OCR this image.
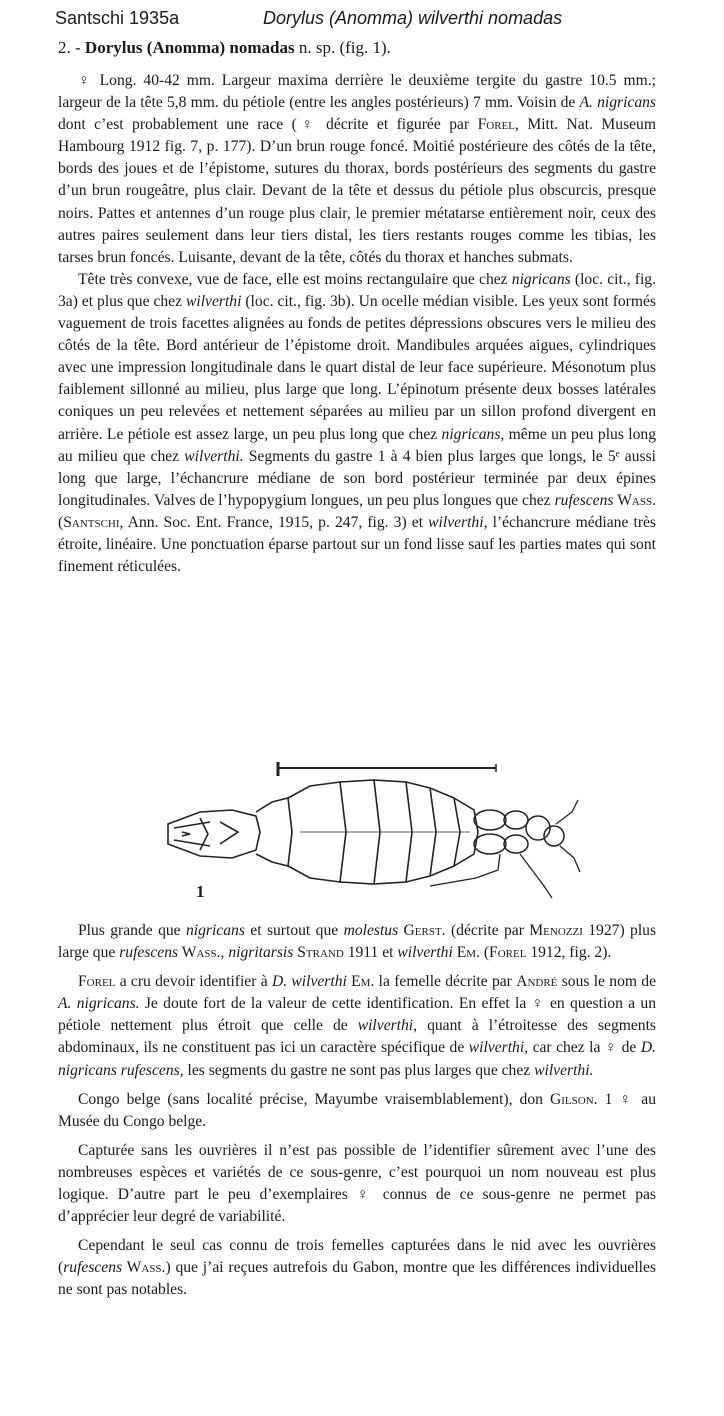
Santschi 1935a	Dorylus (Anomma) wilverthi nomadas
2. - Dorylus (Anomma) nomadas n. sp. (fig. 1).

♀ Long. 40-42 mm. Largeur maxima derrière le deuxième tergite du gastre 10.5 mm.; largeur de la tête 5,8 mm. du pétiole (entre les angles postérieurs) 7 mm. Voisin de A. nigricans dont c’est probablement une race (♀ décrite et figurée par Forel, Mitt. Nat. Museum Hambourg 1912 fig. 7, p. 177). D’un brun rouge foncé. Moitié postérieure des côtés de la tête, bords des joues et de l’épistome, sutures du thorax, bords postérieurs des segments du gastre d’un brun rougeâtre, plus clair. Devant de la tête et dessus du pétiole plus obscurcis, presque noirs. Pattes et antennes d’un rouge plus clair, le premier métatarse entièrement noir, ceux des autres paires seulement dans leur tiers distal, les tiers restants rouges comme les tibias, les tarses brun foncés. Luisante, devant de la tête, côtés du thorax et hanches submats.

Tête très convexe, vue de face, elle est moins rectangulaire que chez nigricans (loc. cit., fig. 3a) et plus que chez wilverthi (loc. cit., fig. 3b). Un ocelle médian visible. Les yeux sont formés vaguement de trois facettes alignées au fonds de petites dépressions obscures vers le milieu des côtés de la tête. Bord antérieur de l’épistome droit. Mandibules arquées aigues, cylindriques avec une impression longitudinale dans le quart distal de leur face supérieure. Mésonotum plus faiblement sillonné au milieu, plus large que long. L’épinotum présente deux bosses latérales coniques un peu relevées et nettement séparées au milieu par un sillon profond divergent en arrière. Le pétiole est assez large, un peu plus long que chez nigricans, même un peu plus long au milieu que chez wilverthi. Segments du gastre 1 à 4 bien plus larges que longs, le 5ᵉ aussi long que large, l’échancrure médiane de son bord postérieur terminée par deux épines longitudinales. Valves de l’hypopygium longues, un peu plus longues que chez rufescens Wass. (Santschi, Ann. Soc. Ent. France, 1915, p. 247, fig. 3) et wilverthi, l’échancrure médiane très étroite, linéaire. Une ponctuation éparse partout sur un fond lisse sauf les parties mates qui sont finement réticulées.

1

Plus grande que nigricans et surtout que molestus Gerst. (décrite par Menozzi 1927) plus large que rufescens Wass., nigritarsis Strand 1911 et wilverthi Em. (Forel 1912, fig. 2).

Forel a cru devoir identifier à D. wilverthi Em. la femelle décrite par André sous le nom de A. nigricans. Je doute fort de la valeur de cette identification. En effet la ♀ en question a un pétiole nettement plus étroit que celle de wilverthi, quant à l’étroitesse des segments abdominaux, ils ne constituent pas ici un caractère spécifique de wilverthi, car chez la ♀ de D. nigricans rufescens, les segments du gastre ne sont pas plus larges que chez wilverthi.

Congo belge (sans localité précise, Mayumbe vraisemblablement), don Gilson. 1 ♀ au Musée du Congo belge.

Capturée sans les ouvrières il n’est pas possible de l’identifier sûrement avec l’une des nombreuses espèces et variétés de ce sous-genre, c’est pourquoi un nom nouveau est plus logique. D’autre part le peu d’exemplaires ♀ connus de ce sous-genre ne permet pas d’apprécier leur degré de variabilité.

Cependant le seul cas connu de trois femelles capturées dans le nid avec les ouvrières (rufescens Wass.) que j’ai reçues autrefois du Gabon, montre que les différences individuelles ne sont pas notables.
